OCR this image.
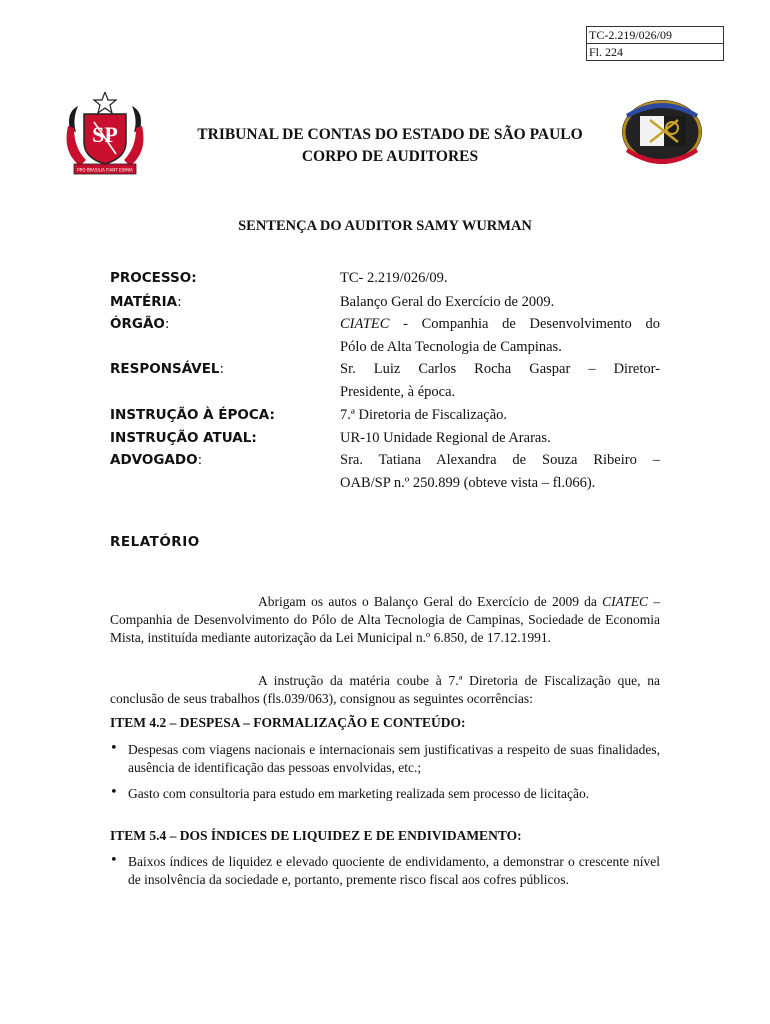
TC-2.219/026/09
Fl. 224
SP
PRO BRASILIA FIANT EXIMIA
TRIBUNAL DE CONTAS DO ESTADO DE SÃO PAULO
CORPO DE AUDITORES
SENTENÇA DO AUDITOR SAMY WURMAN
PROCESSO:	TC- 2.219/026/09.
MATÉRIA:	Balanço Geral do Exercício de 2009.
ÓRGÃO:	CIATEC - Companhia de Desenvolvimento do
Pólo de Alta Tecnologia de Campinas.
RESPONSÁVEL:	Sr. Luiz Carlos Rocha Gaspar – Diretor-
Presidente, à época.
INSTRUÇÃO À ÉPOCA:	7.ª Diretoria de Fiscalização.
INSTRUÇÃO ATUAL:	UR-10 Unidade Regional de Araras.
ADVOGADO:	Sra. Tatiana Alexandra de Souza Ribeiro –
OAB/SP n.º 250.899 (obteve vista – fl.066).
RELATÓRIO
Abrigam os autos o Balanço Geral do Exercício de 2009 da CIATEC – Companhia de Desenvolvimento do Pólo de Alta Tecnologia de Campinas, Sociedade de Economia Mista, instituída mediante autorização da Lei Municipal n.º 6.850, de 17.12.1991.
A instrução da matéria coube à 7.ª Diretoria de Fiscalização que, na conclusão de seus trabalhos (fls.039/063), consignou as seguintes ocorrências:
ITEM 4.2 – DESPESA – FORMALIZAÇÃO E CONTEÚDO:
• Despesas com viagens nacionais e internacionais sem justificativas a respeito de suas finalidades, ausência de identificação das pessoas envolvidas, etc.;
• Gasto com consultoria para estudo em marketing realizada sem processo de licitação.
ITEM 5.4 – DOS ÍNDICES DE LIQUIDEZ E DE ENDIVIDAMENTO:
• Baixos índices de liquidez e elevado quociente de endividamento, a demonstrar o crescente nível de insolvência da sociedade e, portanto, premente risco fiscal aos cofres públicos.
